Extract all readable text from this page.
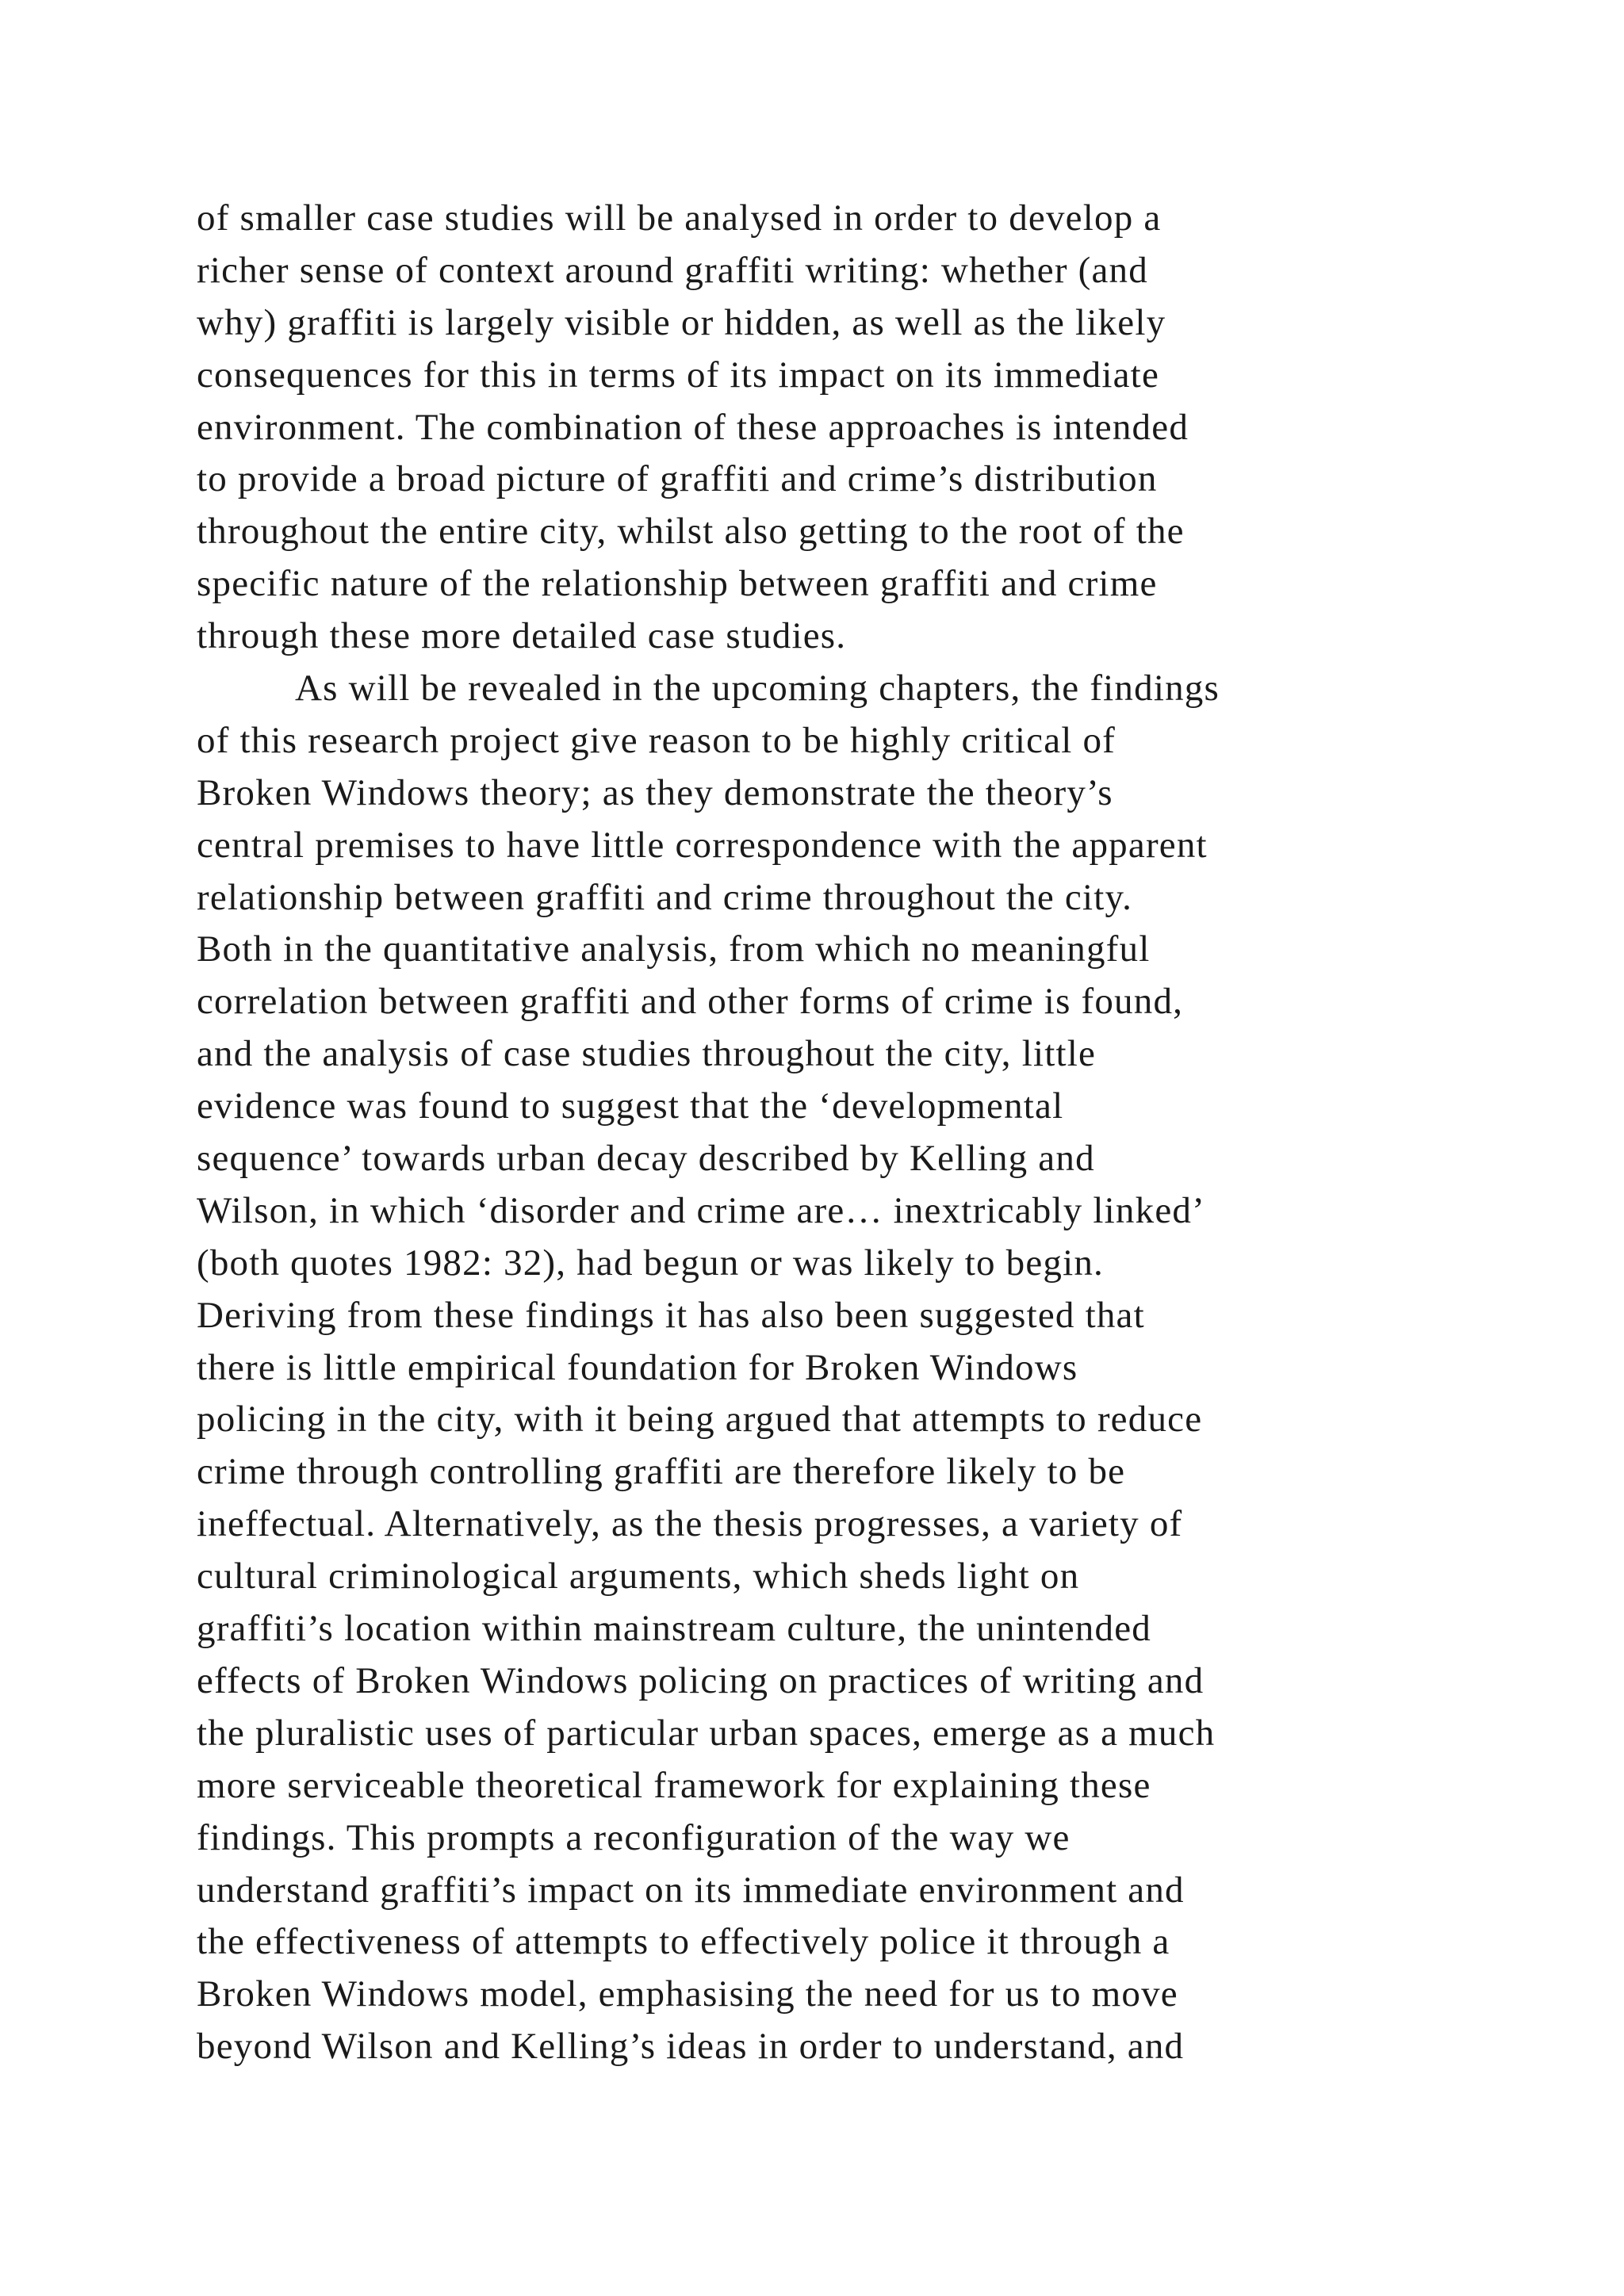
of smaller case studies will be analysed in order to develop a
richer sense of context around graffiti writing: whether (and
why) graffiti is largely visible or hidden, as well as the likely
consequences for this in terms of its impact on its immediate
environment. The combination of these approaches is intended
to provide a broad picture of graffiti and crime’s distribution
throughout the entire city, whilst also getting to the root of the
specific nature of the relationship between graffiti and crime
through these more detailed case studies.
As will be revealed in the upcoming chapters, the findings
of this research project give reason to be highly critical of
Broken Windows theory; as they demonstrate the theory’s
central premises to have little correspondence with the apparent
relationship between graffiti and crime throughout the city.
Both in the quantitative analysis, from which no meaningful
correlation between graffiti and other forms of crime is found,
and the analysis of case studies throughout the city, little
evidence was found to suggest that the ‘developmental
sequence’ towards urban decay described by Kelling and
Wilson, in which ‘disorder and crime are… inextricably linked’
(both quotes 1982: 32), had begun or was likely to begin.
Deriving from these findings it has also been suggested that
there is little empirical foundation for Broken Windows
policing in the city, with it being argued that attempts to reduce
crime through controlling graffiti are therefore likely to be
ineffectual. Alternatively, as the thesis progresses, a variety of
cultural criminological arguments, which sheds light on
graffiti’s location within mainstream culture, the unintended
effects of Broken Windows policing on practices of writing and
the pluralistic uses of particular urban spaces, emerge as a much
more serviceable theoretical framework for explaining these
findings. This prompts a reconfiguration of the way we
understand graffiti’s impact on its immediate environment and
the effectiveness of attempts to effectively police it through a
Broken Windows model, emphasising the need for us to move
beyond Wilson and Kelling’s ideas in order to understand, and
